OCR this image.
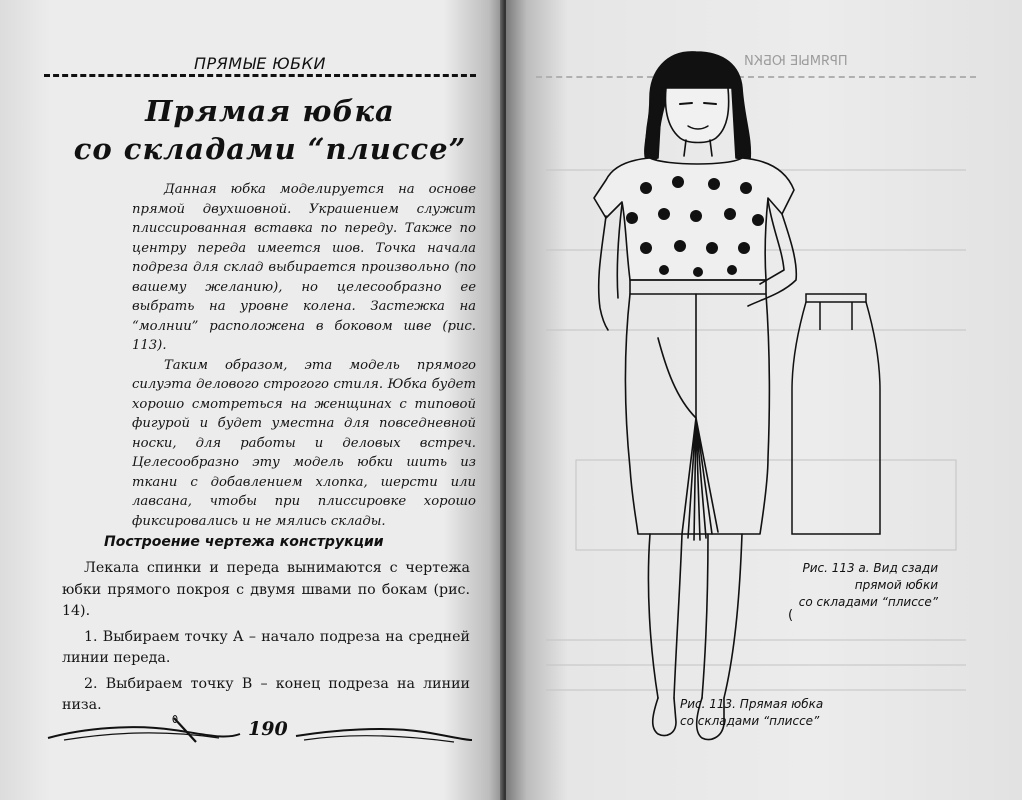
ПРЯМЫЕ ЮБКИ
Прямая юбка
со складами “плиссе”

Данная юбка моделируется на основе прямой двухшовной. Украшением служит плиссированная вставка по переду. Также по центру переда имеется шов. Точка начала подреза для склад выбирается произвольно (по вашему желанию), но целесообразно ее выбрать на уровне колена. Застежка на “молнии” расположена в боковом шве (рис. 113).

Таким образом, эта модель прямого силуэта делового строгого стиля. Юбка будет хорошо смотреться на женщинах с типовой фигурой и будет уместна для повседневной носки, для работы и деловых встреч. Целесообразно эту модель юбки шить из ткани с добавлением хлопка, шерсти или лавсана, чтобы при плиссировке хорошо фиксировались и не мялись склады.

Построение чертежа конструкции

Лекала спинки и переда вынимаются с чертежа юбки прямого покроя с двумя швами по бокам (рис. 14).

1. Выбираем точку А – начало подреза на средней линии переда.

2. Выбираем точку В – конец подреза на линии низа.

190
ПРЯМЫЕ ЮБКИ
Рис. 113 а. Вид сзади
прямой юбки
со складами “плиссе”
(
Рис. 113. Прямая юбка
со складами “плиссе”
